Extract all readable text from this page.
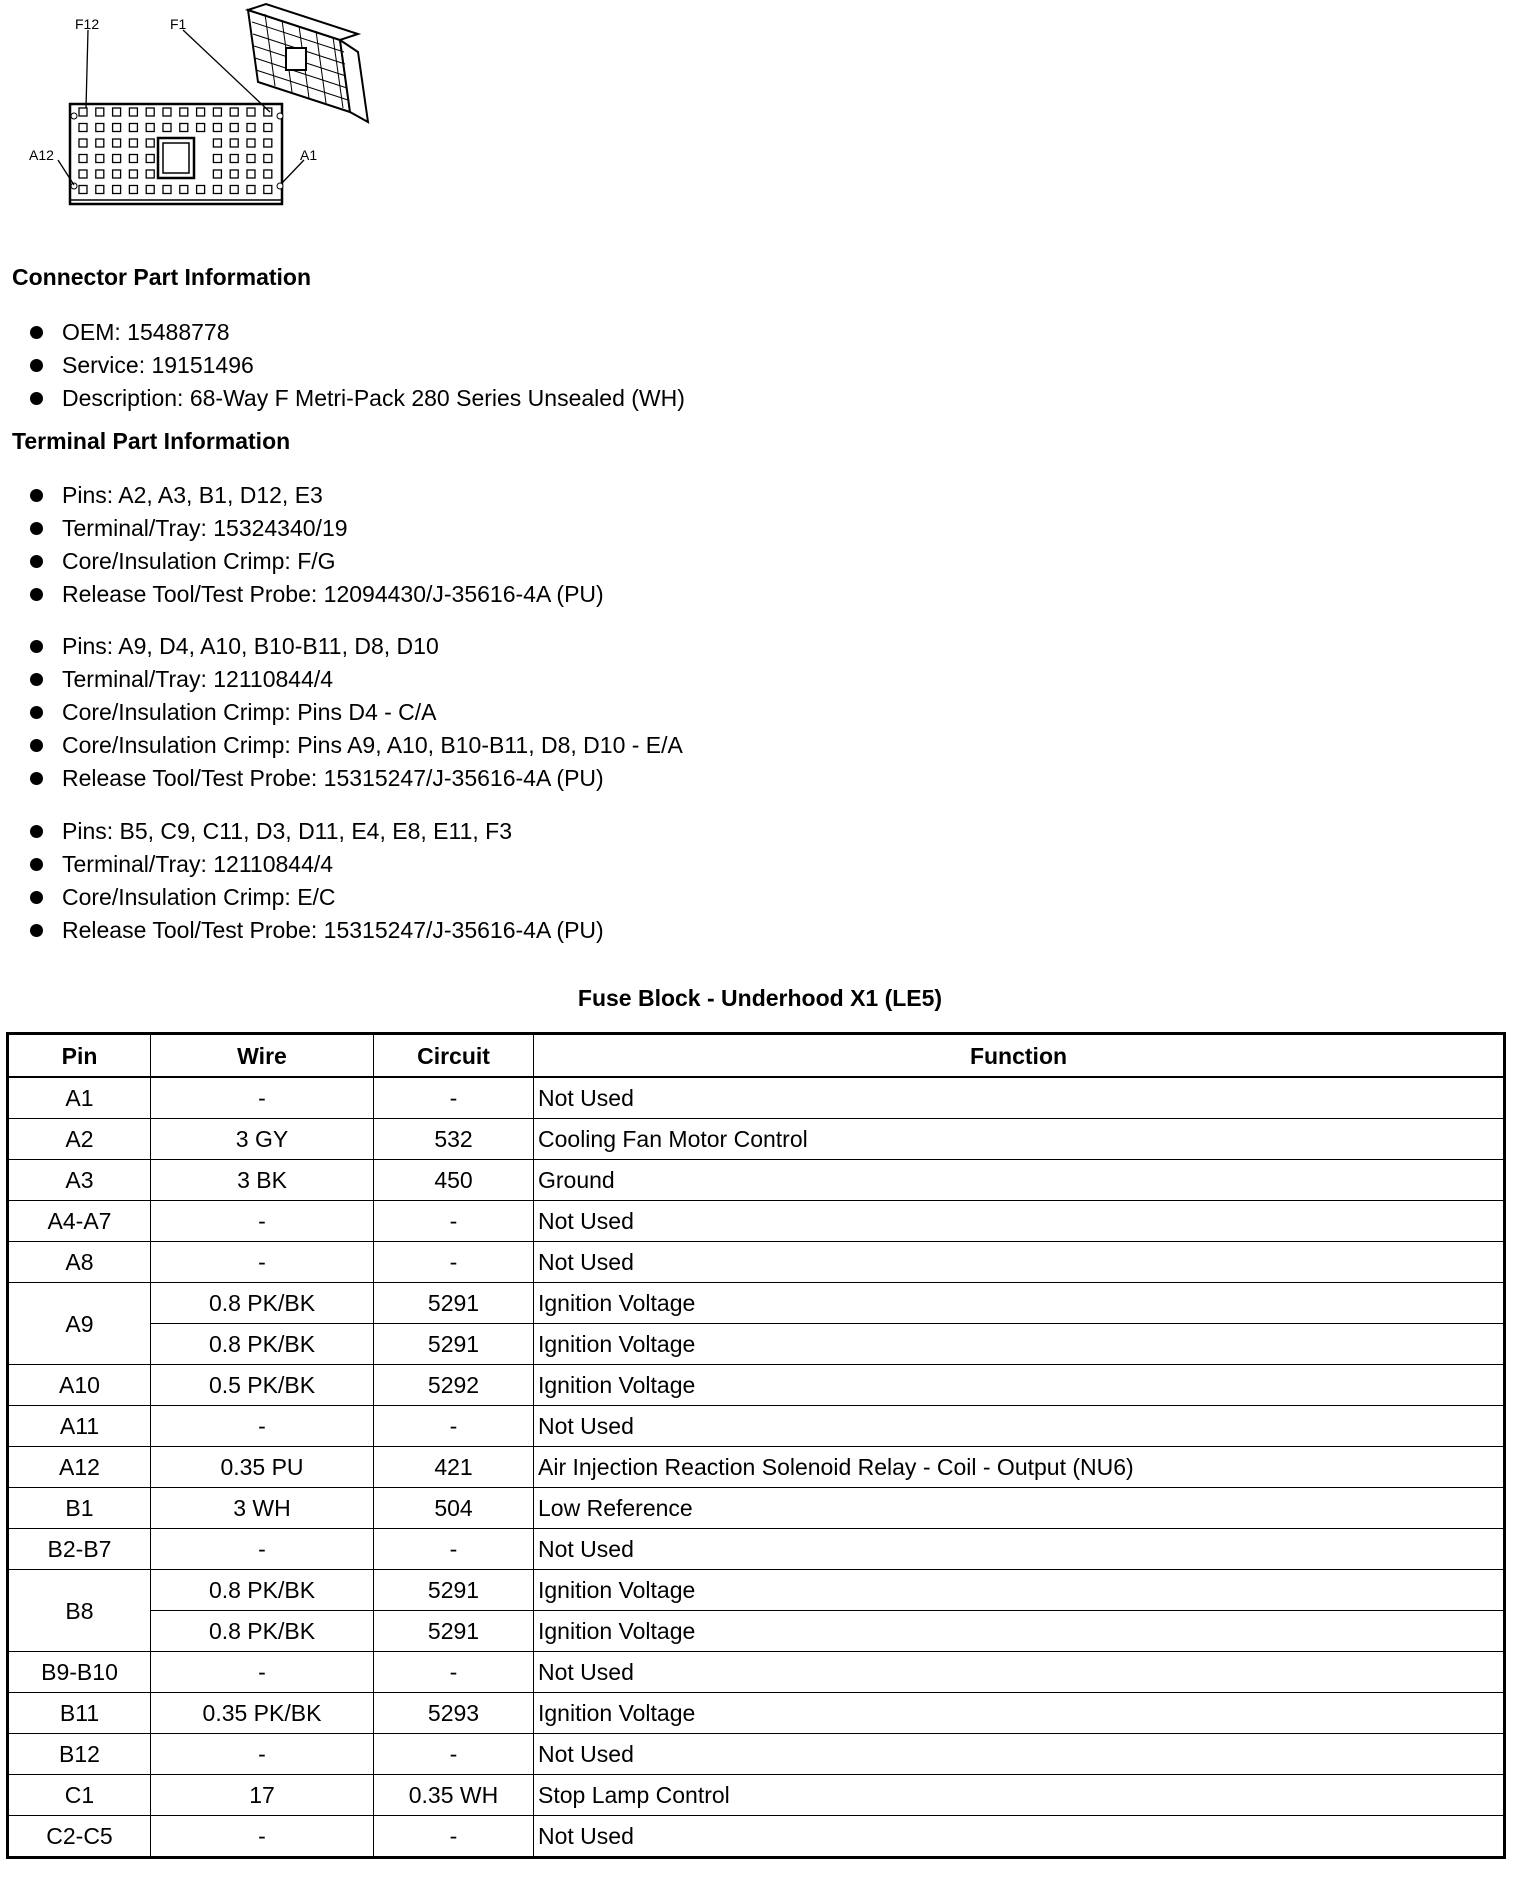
F12	F1
A12	A1
Connector Part Information
OEM: 15488778
Service: 19151496
Description: 68-Way F Metri-Pack 280 Series Unsealed (WH)
Terminal Part Information
Pins: A2, A3, B1, D12, E3
Terminal/Tray: 15324340/19
Core/Insulation Crimp: F/G
Release Tool/Test Probe: 12094430/J-35616-4A (PU)
Pins: A9, D4, A10, B10-B11, D8, D10
Terminal/Tray: 12110844/4
Core/Insulation Crimp: Pins D4 - C/A
Core/Insulation Crimp: Pins A9, A10, B10-B11, D8, D10 - E/A
Release Tool/Test Probe: 15315247/J-35616-4A (PU)
Pins: B5, C9, C11, D3, D11, E4, E8, E11, F3
Terminal/Tray: 12110844/4
Core/Insulation Crimp: E/C
Release Tool/Test Probe: 15315247/J-35616-4A (PU)
Fuse Block - Underhood X1 (LE5)
Pin	Wire	Circuit	Function
A1	-	-	Not Used
A2	3 GY	532	Cooling Fan Motor Control
A3	3 BK	450	Ground
A4-A7	-	-	Not Used
A8	-	-	Not Used
A9	0.8 PK/BK	5291	Ignition Voltage
	0.8 PK/BK	5291	Ignition Voltage
A10	0.5 PK/BK	5292	Ignition Voltage
A11	-	-	Not Used
A12	0.35 PU	421	Air Injection Reaction Solenoid Relay - Coil - Output (NU6)
B1	3 WH	504	Low Reference
B2-B7	-	-	Not Used
B8	0.8 PK/BK	5291	Ignition Voltage
	0.8 PK/BK	5291	Ignition Voltage
B9-B10	-	-	Not Used
B11	0.35 PK/BK	5293	Ignition Voltage
B12	-	-	Not Used
C1	17	0.35 WH	Stop Lamp Control
C2-C5	-	-	Not Used
